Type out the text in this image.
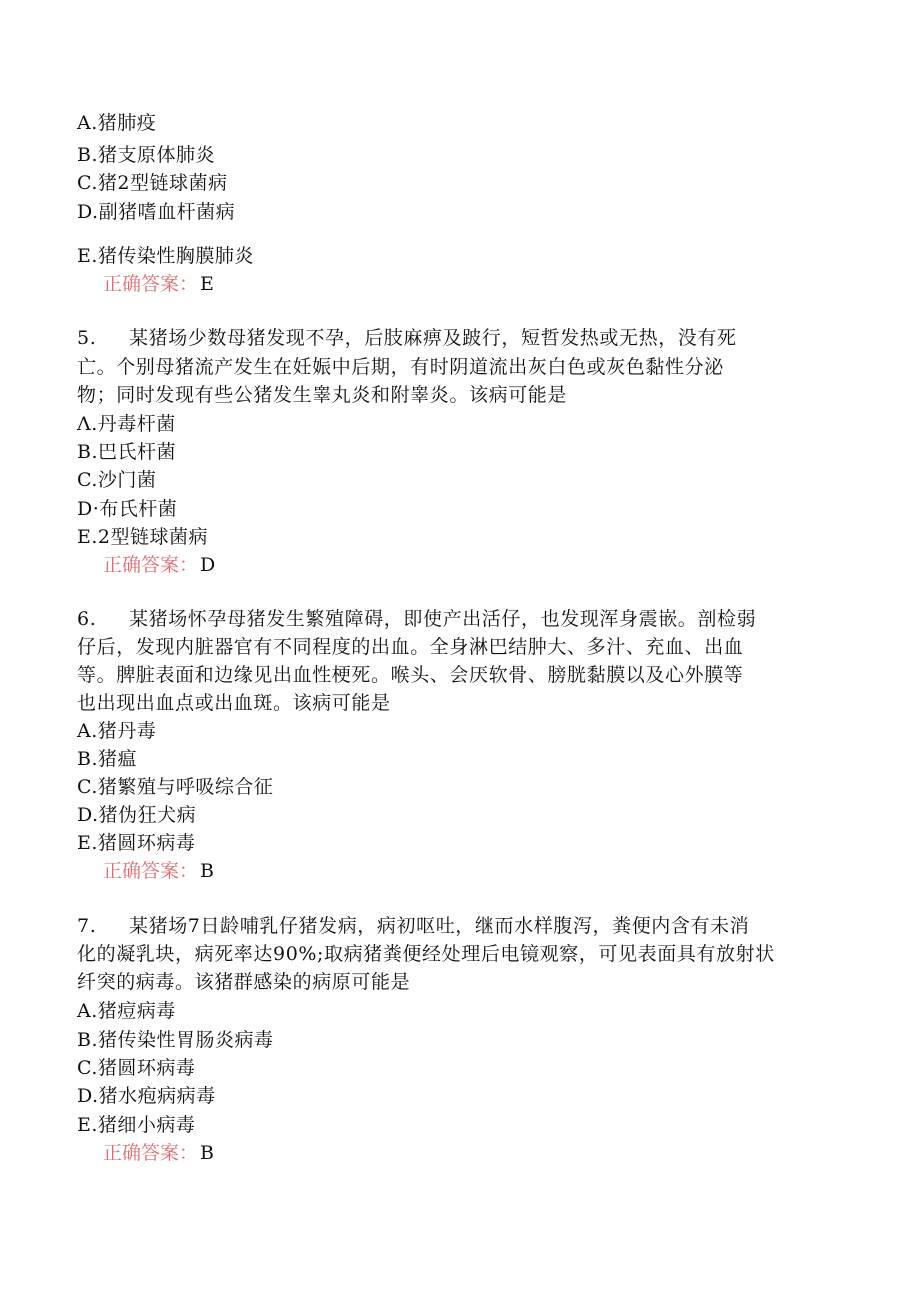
A.猪肺疫
B.猪支原体肺炎
C.猪2型链球菌病
D.副猪嗜血杆菌病
E.猪传染性胸膜肺炎
正确答案： E
5. 某猪场少数母猪发现不孕，后肢麻痹及跛行，短哲发热或无热，没有死
亡。个别母猪流产发生在妊娠中后期，有时阴道流出灰白色或灰色黏性分泌
物；同时发现有些公猪发生睾丸炎和附睾炎。该病可能是
Λ.丹毒杆菌
B.巴氏杆菌
C.沙门菌
D·布氏杆菌
E.2型链球菌病
正确答案： D
6. 某猪场怀孕母猪发生繁殖障碍，即使产出活仔，也发现浑身震嵌。剖检弱
仔后，发现内脏器官有不同程度的出血。全身淋巴结肿大、多汁、充血、出血
等。脾脏表面和边缘见出血性梗死。喉头、会厌软骨、膀胱黏膜以及心外膜等
也出现出血点或出血斑。该病可能是
A.猪丹毒
B.猪瘟
C.猪繁殖与呼吸综合征
D.猪伪狂犬病
E.猪圆环病毒
正确答案： B
7. 某猪场7日龄哺乳仔猪发病，病初呕吐，继而水样腹泻，粪便内含有未消
化的凝乳块，病死率达90%;取病猪粪便经处理后电镜观察，可见表面具有放射状
纤突的病毒。该猪群感染的病原可能是
A.猪痘病毒
B.猪传染性胃肠炎病毒
C.猪圆环病毒
D.猪水疱病病毒
E.猪细小病毒
正确答案： B
